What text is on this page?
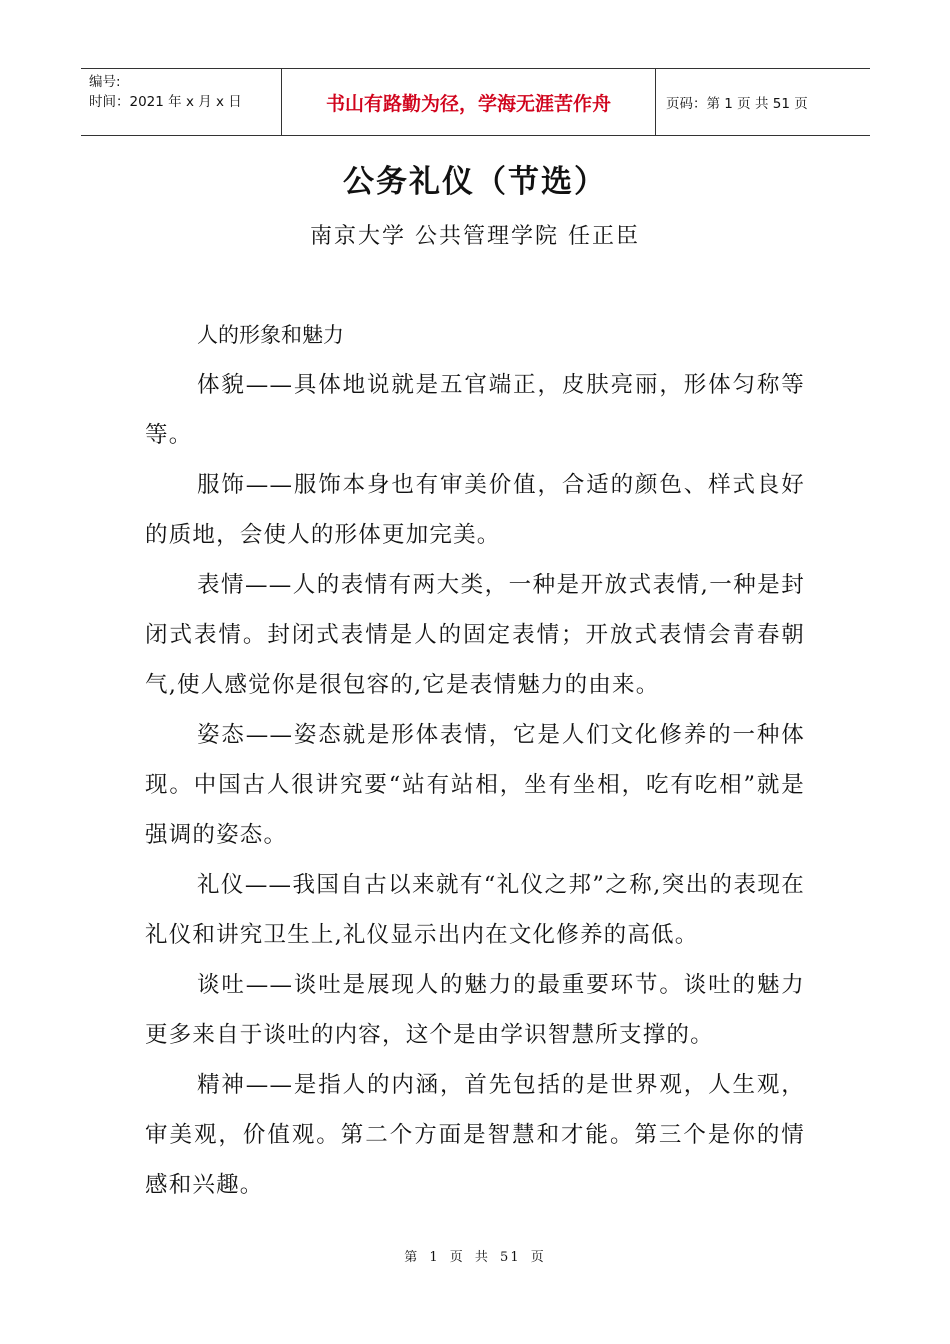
编号:
时间：2021 年 x 月 x 日	书山有路勤为径，学海无涯苦作舟	页码：第 1 页 共 51 页
公务礼仪（节选）
南京大学 公共管理学院 任正臣
人的形象和魅力

体貌——具体地说就是五官端正，皮肤亮丽，形体匀称等等。

服饰——服饰本身也有审美价值，合适的颜色、样式良好的质地，会使人的形体更加完美。

表情——人的表情有两大类，一种是开放式表情,一种是封闭式表情。封闭式表情是人的固定表情；开放式表情会青春朝气,使人感觉你是很包容的,它是表情魅力的由来。

姿态——姿态就是形体表情，它是人们文化修养的一种体现。中国古人很讲究要“站有站相，坐有坐相，吃有吃相”就是强调的姿态。

礼仪——我国自古以来就有“礼仪之邦”之称,突出的表现在礼仪和讲究卫生上,礼仪显示出内在文化修养的高低。

谈吐——谈吐是展现人的魅力的最重要环节。谈吐的魅力更多来自于谈吐的内容，这个是由学识智慧所支撑的。

精神——是指人的内涵，首先包括的是世界观，人生观，审美观，价值观。第二个方面是智慧和才能。第三个是你的情感和兴趣。

第 1 页 共 51 页
